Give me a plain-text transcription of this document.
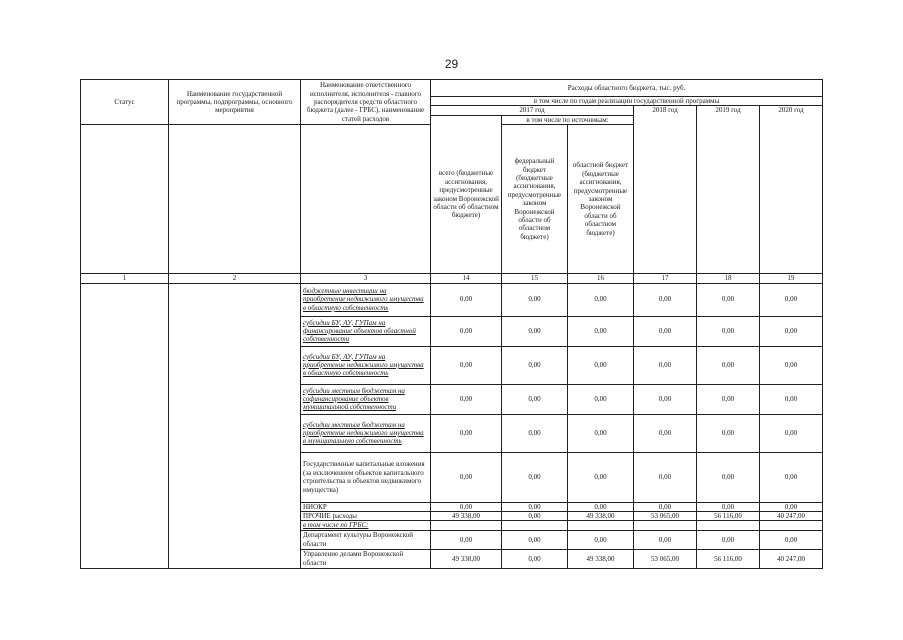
29
Статус	Наименование государственной программы, подпрограммы, основного мероприятия	Наименование ответственного исполнителя, исполнителя - главного распорядителя средств областного бюджета (далее - ГРБС), наименование статей расходов	Расходы областного бюджета, тыс. руб.					
			в том числе по годам реализации государственной программы					
			2017 год			2018 год	2019 год	2020 год
			всего (бюджетные ассигнования, предусмотренные законом Воронежской области об областном бюджете)	в том числе по источникам:				
				федеральный бюджет (бюджетные ассигнования, предусмотренные законом Воронежской области об областном бюджете)	областной бюджет (бюджетные ассигнования, предусмотренные законом Воронежской области об областном бюджете)			
1	2	3	14	15	16	17	18	19
		бюджетные инвестиции на приобретение недвижимого имущества в областную собственность	0,00	0,00	0,00	0,00	0,00	0,00
		субсидии БУ, АУ, ГУПам на финансирование объектов областной собственности	0,00	0,00	0,00	0,00	0,00	0,00
		субсидии БУ, АУ, ГУПам на приобретение недвижимого имущества в областную собственность	0,00	0,00	0,00	0,00	0,00	0,00
		субсидии местным бюджетам на софинансирование объектов муниципальной собственности	0,00	0,00	0,00	0,00	0,00	0,00
		субсидии местным бюджетам на приобретение недвижимого имущества в муниципальную собственность	0,00	0,00	0,00	0,00	0,00	0,00
		Государственные капитальные вложения (за исключением объектов капитального строительства и объектов недвижимого имущества)	0,00	0,00	0,00	0,00	0,00	0,00
		НИОКР	0,00	0,00	0,00	0,00	0,00	0,00
		ПРОЧИЕ расходы	49 338,00	0,00	49 338,00	53 065,00	56 116,00	40 247,00
		в том числе по ГРБС:						
		Департамент культуры Воронежской области	0,00	0,00	0,00	0,00	0,00	0,00
		Управление делами Воронежской области	49 338,00	0,00	49 338,00	53 065,00	56 116,00	40 247,00
